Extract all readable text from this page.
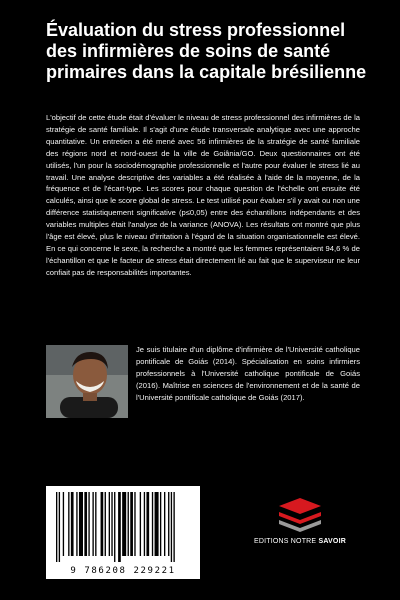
Évaluation du stress professionnel des infirmières de soins de santé primaires dans la capitale brésilienne

L'objectif de cette étude était d'évaluer le niveau de stress professionnel des infirmières de la stratégie de santé familiale. Il s'agit d'une étude transversale analytique avec une approche quantitative. Un entretien a été mené avec 56 infirmières de la stratégie de santé familiale des régions nord et nord-ouest de la ville de Goiânia/GO. Deux questionnaires ont été utilisés, l'un pour la sociodémographie professionnelle et l'autre pour évaluer le stress lié au travail. Une analyse descriptive des variables a été réalisée à l'aide de la moyenne, de la fréquence et de l'écart-type. Les scores pour chaque question de l'échelle ont ensuite été calculés, ainsi que le score global de stress. Le test utilisé pour évaluer s'il y avait ou non une différence statistiquement significative (p≤0,05) entre des échantillons indépendants et des variables multiples était l'analyse de la variance (ANOVA). Les résultats ont montré que plus l'âge est élevé, plus le niveau d'irritation à l'égard de la situation organisationnelle est élevé. En ce qui concerne le sexe, la recherche a montré que les femmes représentaient 94,6 % de l'échantillon et que le facteur de stress était directement lié au fait que le superviseur ne leur confiait pas de responsabilités importantes.

Je suis titulaire d'un diplôme d'infirmière de l'Université catholique pontificale de Goiás (2014). Spécialisation en soins infirmiers professionnels à l'Université catholique pontificale de Goiás (2016). Maîtrise en sciences de l'environnement et de la santé de l'Université pontificale catholique de Goiás (2017).

9 786208 229221
EDITIONS NOTRE SAVOIR
